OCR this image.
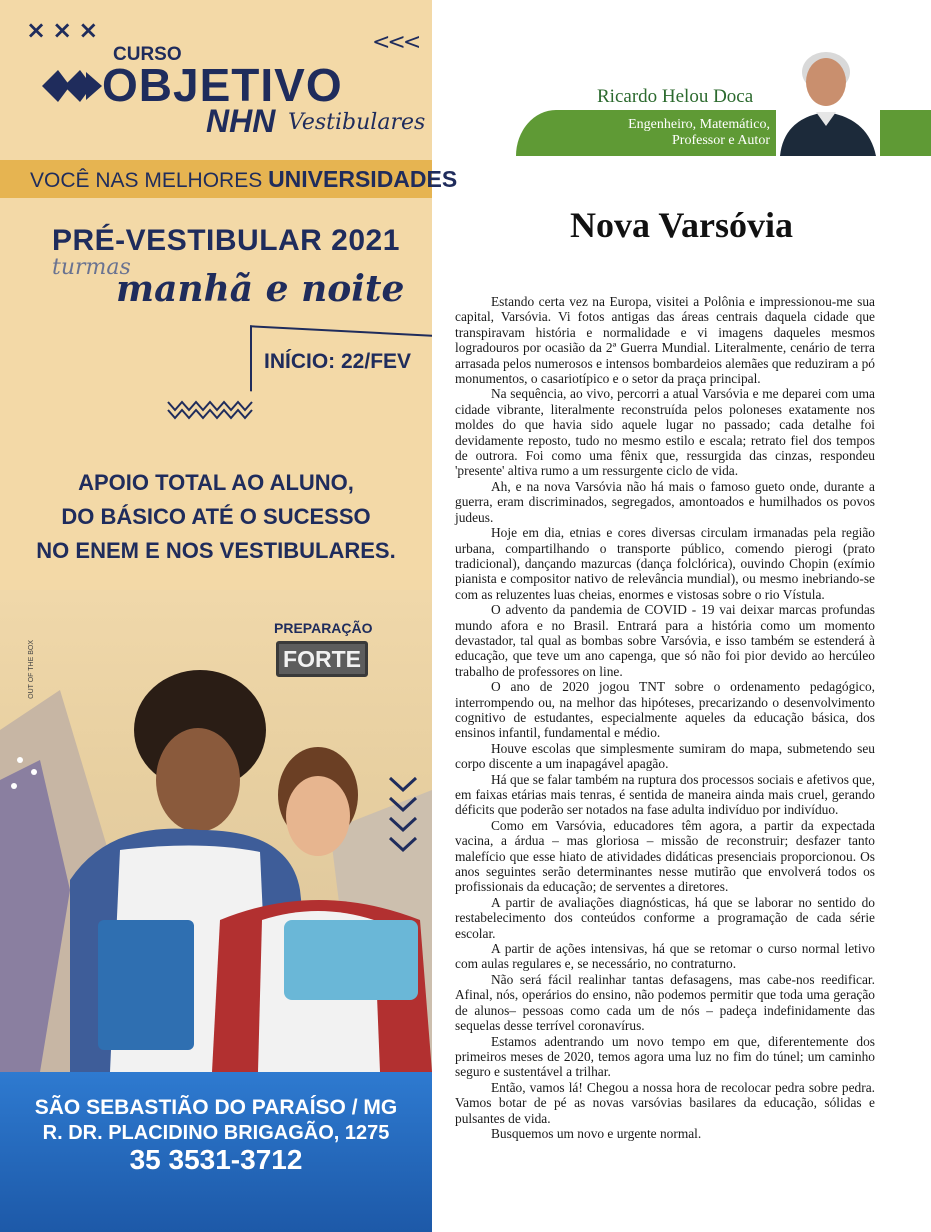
×××	<<<
CURSO
OBJETIVO
NHN Vestibulares
VOCÊ NAS MELHORES UNIVERSIDADES
PRÉ-VESTIBULAR 2021
turmas
manhã e noite
INÍCIO: 22/FEV
APOIO TOTAL AO ALUNO,
DO BÁSICO ATÉ O SUCESSO
NO ENEM E NOS VESTIBULARES.
OUT OF THE BOX
PREPARAÇÃO
FORTE
SÃO SEBASTIÃO DO PARAÍSO / MG
R. DR. PLACIDINO BRIGAGÃO, 1275
35 3531-3712
Ricardo Helou Doca
Engenheiro, Matemático,
Professor e Autor
Nova Varsóvia

Estando certa vez na Europa, visitei a Polônia e impressionou-me sua capital, Varsóvia. Vi fotos antigas das áreas centrais daquela cidade que transpiravam história e normalidade e vi imagens daqueles mesmos logradouros por ocasião da 2ª Guerra Mundial. Literalmente, cenário de terra arrasada pelos numerosos e intensos bombardeios alemães que reduziram a pó monumentos, o casariotípico e o setor da praça principal.

Na sequência, ao vivo, percorri a atual Varsóvia e me deparei com uma cidade vibrante, literalmente reconstruída pelos poloneses exatamente nos moldes do que havia sido aquele lugar no passado; cada detalhe foi devidamente reposto, tudo no mesmo estilo e escala; retrato fiel dos tempos de outrora. Foi como uma fênix que, ressurgida das cinzas, respondeu 'presente' altiva rumo a um ressurgente ciclo de vida.

Ah, e na nova Varsóvia não há mais o famoso gueto onde, durante a guerra, eram discriminados, segregados, amontoados e humilhados os povos judeus.

Hoje em dia, etnias e cores diversas circulam irmanadas pela região urbana, compartilhando o transporte público, comendo pierogi (prato tradicional), dançando mazurcas (dança folclórica), ouvindo Chopin (exímio pianista e compositor nativo de relevância mundial), ou mesmo inebriando-se com as reluzentes luas cheias, enormes e vistosas sobre o rio Vístula.

O advento da pandemia de COVID - 19 vai deixar marcas profundas mundo afora e no Brasil. Entrará para a história como um momento devastador, tal qual as bombas sobre Varsóvia, e isso também se estenderá à educação, que teve um ano capenga, que só não foi pior devido ao hercúleo trabalho de professores on line.

O ano de 2020 jogou TNT sobre o ordenamento pedagógico, interrompendo ou, na melhor das hipóteses, precarizando o desenvolvimento cognitivo de estudantes, especialmente aqueles da educação básica, dos ensinos infantil, fundamental e médio.

Houve escolas que simplesmente sumiram do mapa, submetendo seu corpo discente a um inapagável apagão.

Há que se falar também na ruptura dos processos sociais e afetivos que, em faixas etárias mais tenras, é sentida de maneira ainda mais cruel, gerando déficits que poderão ser notados na fase adulta indivíduo por indivíduo.

Como em Varsóvia, educadores têm agora, a partir da expectada vacina, a árdua – mas gloriosa – missão de reconstruir; desfazer tanto malefício que esse hiato de atividades didáticas presenciais proporcionou. Os anos seguintes serão determinantes nesse mutirão que envolverá todos os profissionais da educação; de serventes a diretores.

A partir de avaliações diagnósticas, há que se laborar no sentido do restabelecimento dos conteúdos conforme a programação de cada série escolar.

A partir de ações intensivas, há que se retomar o curso normal letivo com aulas regulares e, se necessário, no contraturno.

Não será fácil realinhar tantas defasagens, mas cabe-nos reedificar. Afinal, nós, operários do ensino, não podemos permitir que toda uma geração de alunos– pessoas como cada um de nós – padeça indefinidamente das sequelas desse terrível coronavírus.

Estamos adentrando um novo tempo em que, diferentemente dos primeiros meses de 2020, temos agora uma luz no fim do túnel; um caminho seguro e sustentável a trilhar.

Então, vamos lá! Chegou a nossa hora de recolocar pedra sobre pedra. Vamos botar de pé as novas varsóvias basilares da educação, sólidas e pulsantes de vida.

Busquemos um novo e urgente normal.
